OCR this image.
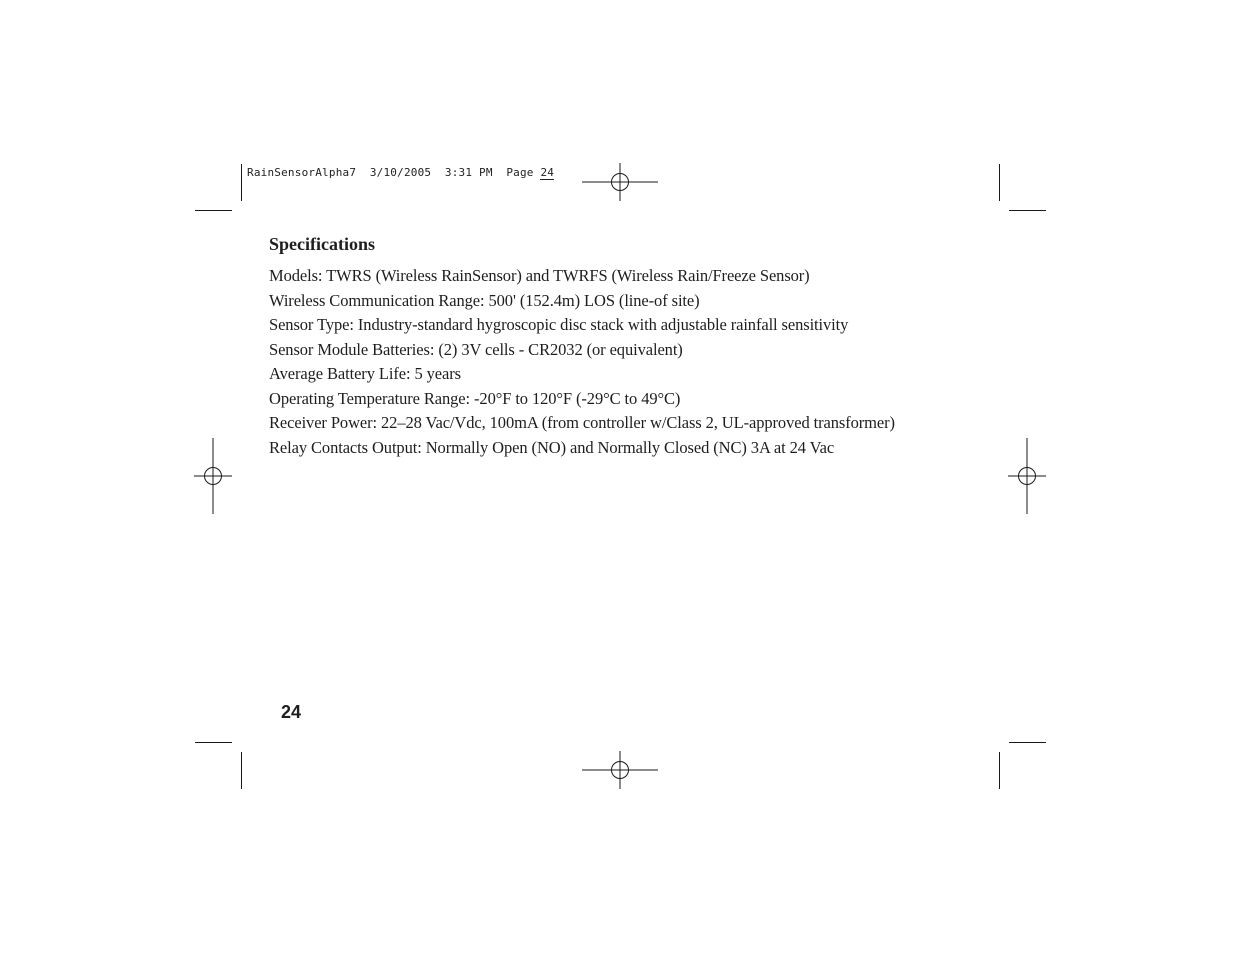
RainSensorAlpha7 3/10/2005 3:31 PM Page 24
Specifications
Models: TWRS (Wireless RainSensor) and TWRFS (Wireless Rain/Freeze Sensor)
Wireless Communication Range: 500' (152.4m) LOS (line-of site)
Sensor Type: Industry-standard hygroscopic disc stack with adjustable rainfall sensitivity
Sensor Module Batteries: (2) 3V cells - CR2032 (or equivalent)
Average Battery Life: 5 years
Operating Temperature Range: -20°F to 120°F (-29°C to 49°C)
Receiver Power: 22–28 Vac/Vdc, 100mA (from controller w/Class 2, UL-approved transformer)
Relay Contacts Output: Normally Open (NO) and Normally Closed (NC) 3A at 24 Vac
24
